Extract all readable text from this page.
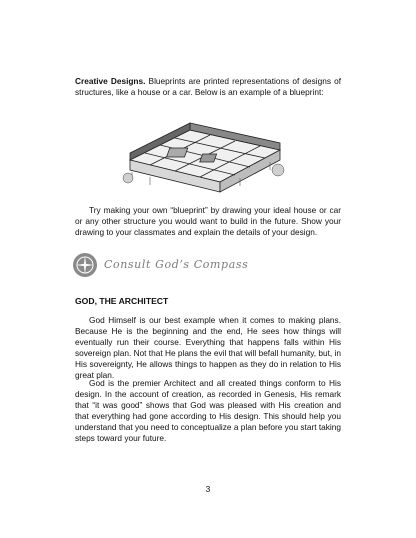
Creative Designs. Blueprints are printed representations of designs of structures, like a house or a car. Below is an example of a blueprint:

Try making your own “blueprint” by drawing your ideal house or car or any other structure you would want to build in the future. Show your drawing to your classmates and explain the details of your design.

Consult God’s Compass

GOD, THE ARCHITECT

God Himself is our best example when it comes to making plans. Because He is the beginning and the end, He sees how things will eventually run their course. Everything that happens falls within His sovereign plan. Not that He plans the evil that will befall humanity, but, in His sovereignty, He allows things to happen as they do in relation to His great plan.

God is the premier Architect and all created things conform to His design. In the account of creation, as recorded in Genesis, His remark that “it was good” shows that God was pleased with His creation and that everything had gone according to His design. This should help you understand that you need to conceptualize a plan before you start taking steps toward your future.

3
